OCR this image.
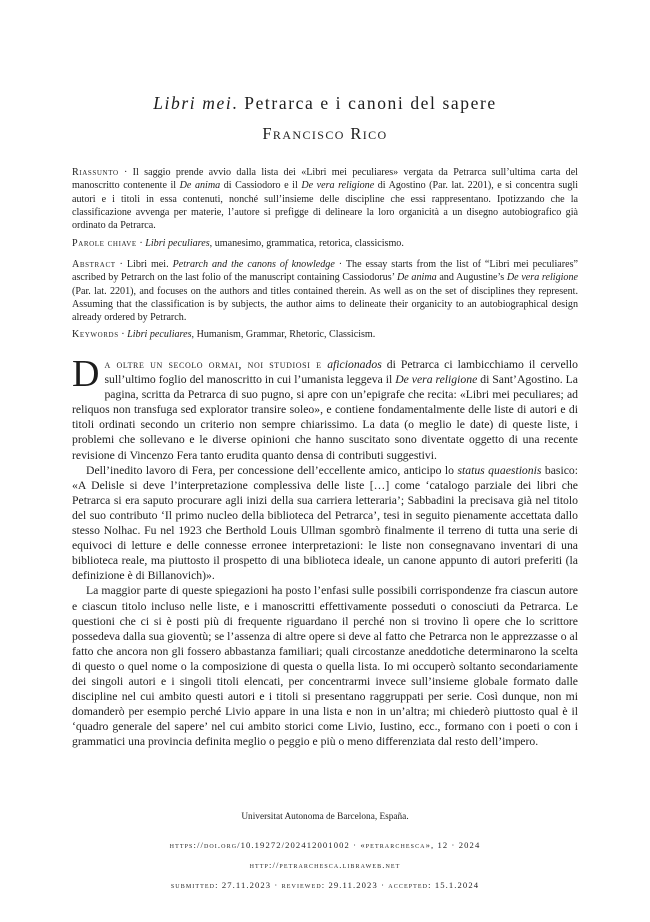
Libri mei. Petrarca e i canoni del sapere
Francisco Rico
Riassunto · Il saggio prende avvio dalla lista dei «Libri mei peculiares» vergata da Petrarca sull’ultima carta del manoscritto contenente il De anima di Cassiodoro e il De vera religione di Agostino (Par. lat. 2201), e si concentra sugli autori e i titoli in essa contenuti, nonché sull’insieme delle discipline che essi rappresentano. Ipotizzando che la classificazione avvenga per materie, l’autore si prefigge di delineare la loro organicità a un disegno autobiografico già ordinato da Petrarca.
Parole chiave · Libri peculiares, umanesimo, grammatica, retorica, classicismo.
Abstract · Libri mei. Petrarch and the canons of knowledge · The essay starts from the list of “Libri mei peculiares” ascribed by Petrarch on the last folio of the manuscript containing Cassiodorus’ De anima and Augustine’s De vera religione (Par. lat. 2201), and focuses on the authors and titles contained therein. As well as on the set of disciplines they represent. Assuming that the classification is by subjects, the author aims to delineate their organicity to an autobiographical design already ordered by Petrarch.
Keywords · Libri peculiares, Humanism, Grammar, Rhetoric, Classicism.

Da oltre un secolo ormai, noi studiosi e aficionados di Petrarca ci lambicchiamo il cervello sull’ultimo foglio del manoscritto in cui l’umanista leggeva il De vera religione di Sant’Agostino. La pagina, scritta da Petrarca di suo pugno, si apre con un’epigrafe che recita: «Libri mei peculiares; ad reliquos non transfuga sed explorator transire soleo», e contiene fondamentalmente delle liste di autori e di titoli ordinati secondo un criterio non sempre chiarissimo. La data (o meglio le date) di queste liste, i problemi che sollevano e le diverse opinioni che hanno suscitato sono diventate oggetto di una recente revisione di Vincenzo Fera tanto erudita quanto densa di contributi suggestivi.

Dell’inedito lavoro di Fera, per concessione dell’eccellente amico, anticipo lo status quaestionis basico: «A Delisle si deve l’interpretazione complessiva delle liste […] come ‘catalogo parziale dei libri che Petrarca si era saputo procurare agli inizi della sua carriera letteraria’; Sabbadini la precisava già nel titolo del suo contributo ‘Il primo nucleo della biblioteca del Petrarca’, tesi in seguito pienamente accettata dallo stesso Nolhac. Fu nel 1923 che Berthold Louis Ullman sgombrò finalmente il terreno di tutta una serie di equivoci di letture e delle connesse erronee interpretazioni: le liste non consegnavano inventari di una biblioteca reale, ma piuttosto il prospetto di una biblioteca ideale, un canone appunto di autori preferiti (la definizione è di Billanovich)».

La maggior parte di queste spiegazioni ha posto l’enfasi sulle possibili corrispondenze fra ciascun autore e ciascun titolo incluso nelle liste, e i manoscritti effettivamente posseduti o conosciuti da Petrarca. Le questioni che ci si è posti più di frequente riguardano il perché non si trovino lì opere che lo scrittore possedeva dalla sua gioventù; se l’assenza di altre opere si deve al fatto che Petrarca non le apprezzasse o al fatto che ancora non gli fossero abbastanza familiari; quali circostanze aneddotiche determinarono la scelta di questo o quel nome o la composizione di questa o quella lista. Io mi occuperò soltanto secondariamente dei singoli autori e i singoli titoli elencati, per concentrarmi invece sull’insieme globale formato dalle discipline nel cui ambito questi autori e i titoli si presentano raggruppati per serie. Così dunque, non mi domanderò per esempio perché Livio appare in una lista e non in un’altra; mi chiederò piuttosto qual è il ‘quadro generale del sapere’ nel cui ambito storici come Livio, Iustino, ecc., formano con i poeti o con i grammatici una provincia definita meglio o peggio e più o meno differenziata dal resto dell’impero.

Universitat Autonoma de Barcelona, España.
https://doi.org/10.19272/202412001002 · «petrarchesca», 12 · 2024
http://petrarchesca.libraweb.net
submitted: 27.11.2023 · reviewed: 29.11.2023 · accepted: 15.1.2024
